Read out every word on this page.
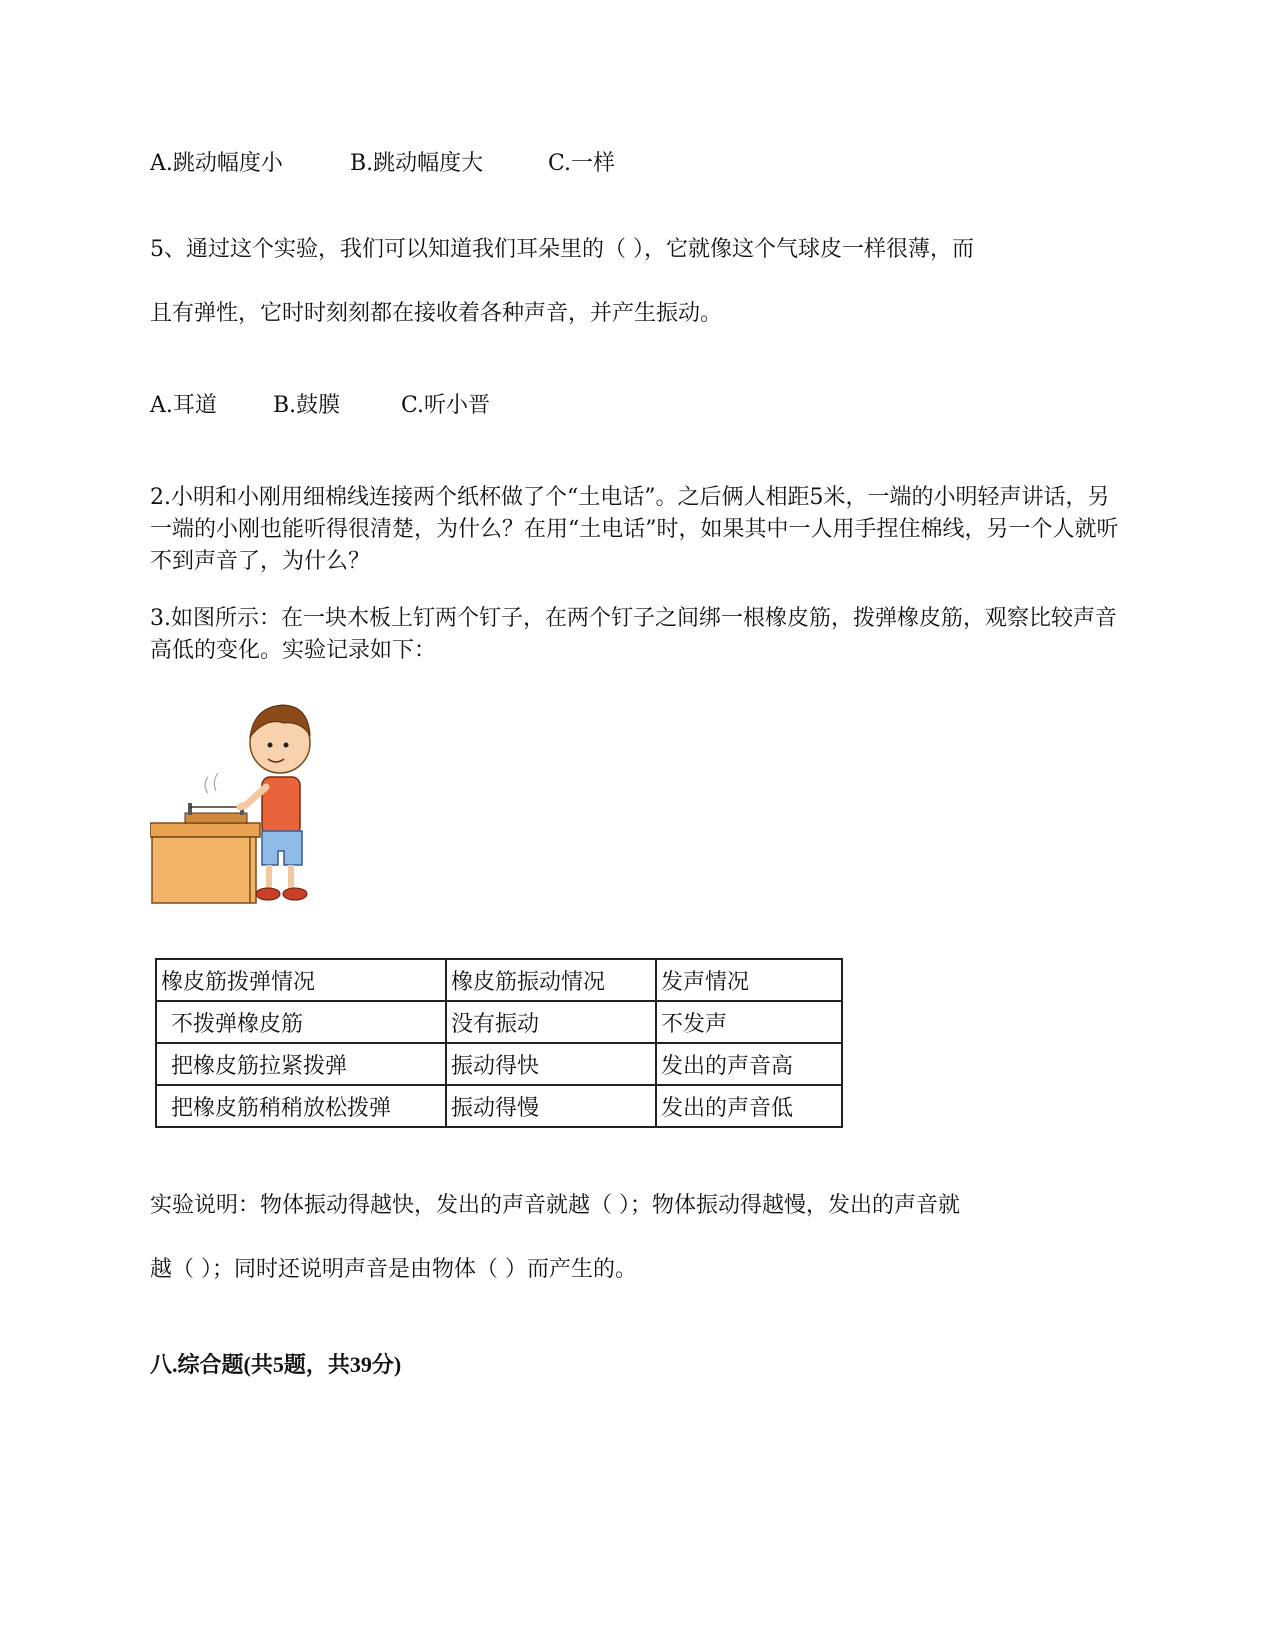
A.跳动幅度小	B.跳动幅度大	C.一样
5、通过这个实验，我们可以知道我们耳朵里的（ ），它就像这个气球皮一样很薄，而
且有弹性，它时时刻刻都在接收着各种声音，并产生振动。
A.耳道	B.鼓膜	C.听小晋
2.小明和小刚用细棉线连接两个纸杯做了个“土电话”。之后俩人相距5米，一端的小明轻声讲话，另一端的小刚也能听得很清楚，为什么？在用“土电话”时，如果其中一人用手捏住棉线，另一个人就听不到声音了，为什么？
3.如图所示：在一块木板上钉两个钉子，在两个钉子之间绑一根橡皮筋，拨弹橡皮筋，观察比较声音高低的变化。实验记录如下：
橡皮筋拨弹情况	橡皮筋振动情况	发声情况
不拨弹橡皮筋	没有振动	不发声
把橡皮筋拉紧拨弹	振动得快	发出的声音高
把橡皮筋稍稍放松拨弹	振动得慢	发出的声音低
实验说明：物体振动得越快，发出的声音就越（ ）；物体振动得越慢，发出的声音就
越（ ）；同时还说明声音是由物体（ ）而产生的。
八.综合题(共5题，共39分)
